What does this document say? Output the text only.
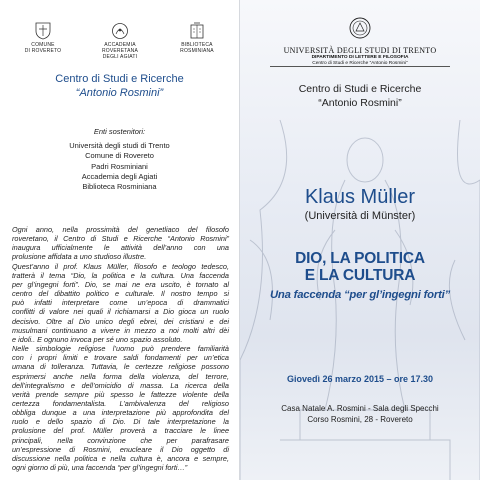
COMUNE
DI ROVERETO
ACCADEMIA
ROVERETANA
DEGLI AGIATI
BIBLIOTECA
ROSMINIANA
Centro di Studi e Ricerche
“Antonio Rosmini”
Enti sostenitori:
Università degli studi di Trento
Comune di Rovereto
Padri Rosminiani
Accademia degli Agiati
Biblioteca Rosminiana

Ogni anno, nella prossimità del genetliaco del filosofo

roveretano, il Centro di Studi e Ricerche “Antonio Rosmini”

inaugura ufficialmente le attività dell’anno con una

prolusione affidata a uno studioso illustre.

Quest’anno il prof. Klaus Müller, filosofo e teologo tedesco,

tratterà il tema “Dio, la politica e la cultura. Una faccenda

per gl’ingegni forti”. Dio, se mai ne era uscito, è tornato al

centro del dibattito politico e culturale. Il nostro tempo si

può infatti interpretare come un’epoca di drammatici

conflitti di valore nei quali il richiamarsi a Dio gioca un ruolo

decisivo. Oltre al Dio unico degli ebrei, dei cristiani e dei

musulmani continuano a vivere in mezzo a noi molti altri dèi

e idoli.. E ognuno invoca per sé uno spazio assoluto.

Nelle simbologie religiose l’uomo può prendere familiarità

con i propri limiti e trovare saldi fondamenti per un’etica

umana di tolleranza. Tuttavia, le certezze religiose possono

esprimersi anche nella forma della violenza, del terrore,

dell’integralismo e dell’omicidio di massa. La ricerca della

verità prende sempre più spesso le fattezze violente della

certezza fondamentalista. L’ambivalenza del religioso

obbliga dunque a una interpretazione più approfondita del

ruolo e dello spazio di Dio. Di tale interpretazione la

prolusione del prof. Müller proverà a tracciare le linee

principali, nella convinzione che per parafrasare

un’espressione di Rosmini, enucleare il Dio oggetto di

discussione nella politica e nella cultura è, ancora e sempre,

ogni giorno di più, una faccenda “per gl’ingegni forti…”

UNIVERSITÀ DEGLI STUDI DI TRENTO
DIPARTIMENTO DI LETTERE E FILOSOFIA
Centro di Studi e Ricerche “Antonio Rosmini”
Centro di Studi e Ricerche
“Antonio Rosmini”
Klaus Müller
(Università di Münster)
DIO, LA POLITICA
E LA CULTURA
Una faccenda “per gl’ingegni forti”
Giovedì 26 marzo 2015 – ore 17.30
Casa Natale A. Rosmini - Sala degli Specchi
Corso Rosmini, 28 - Rovereto
